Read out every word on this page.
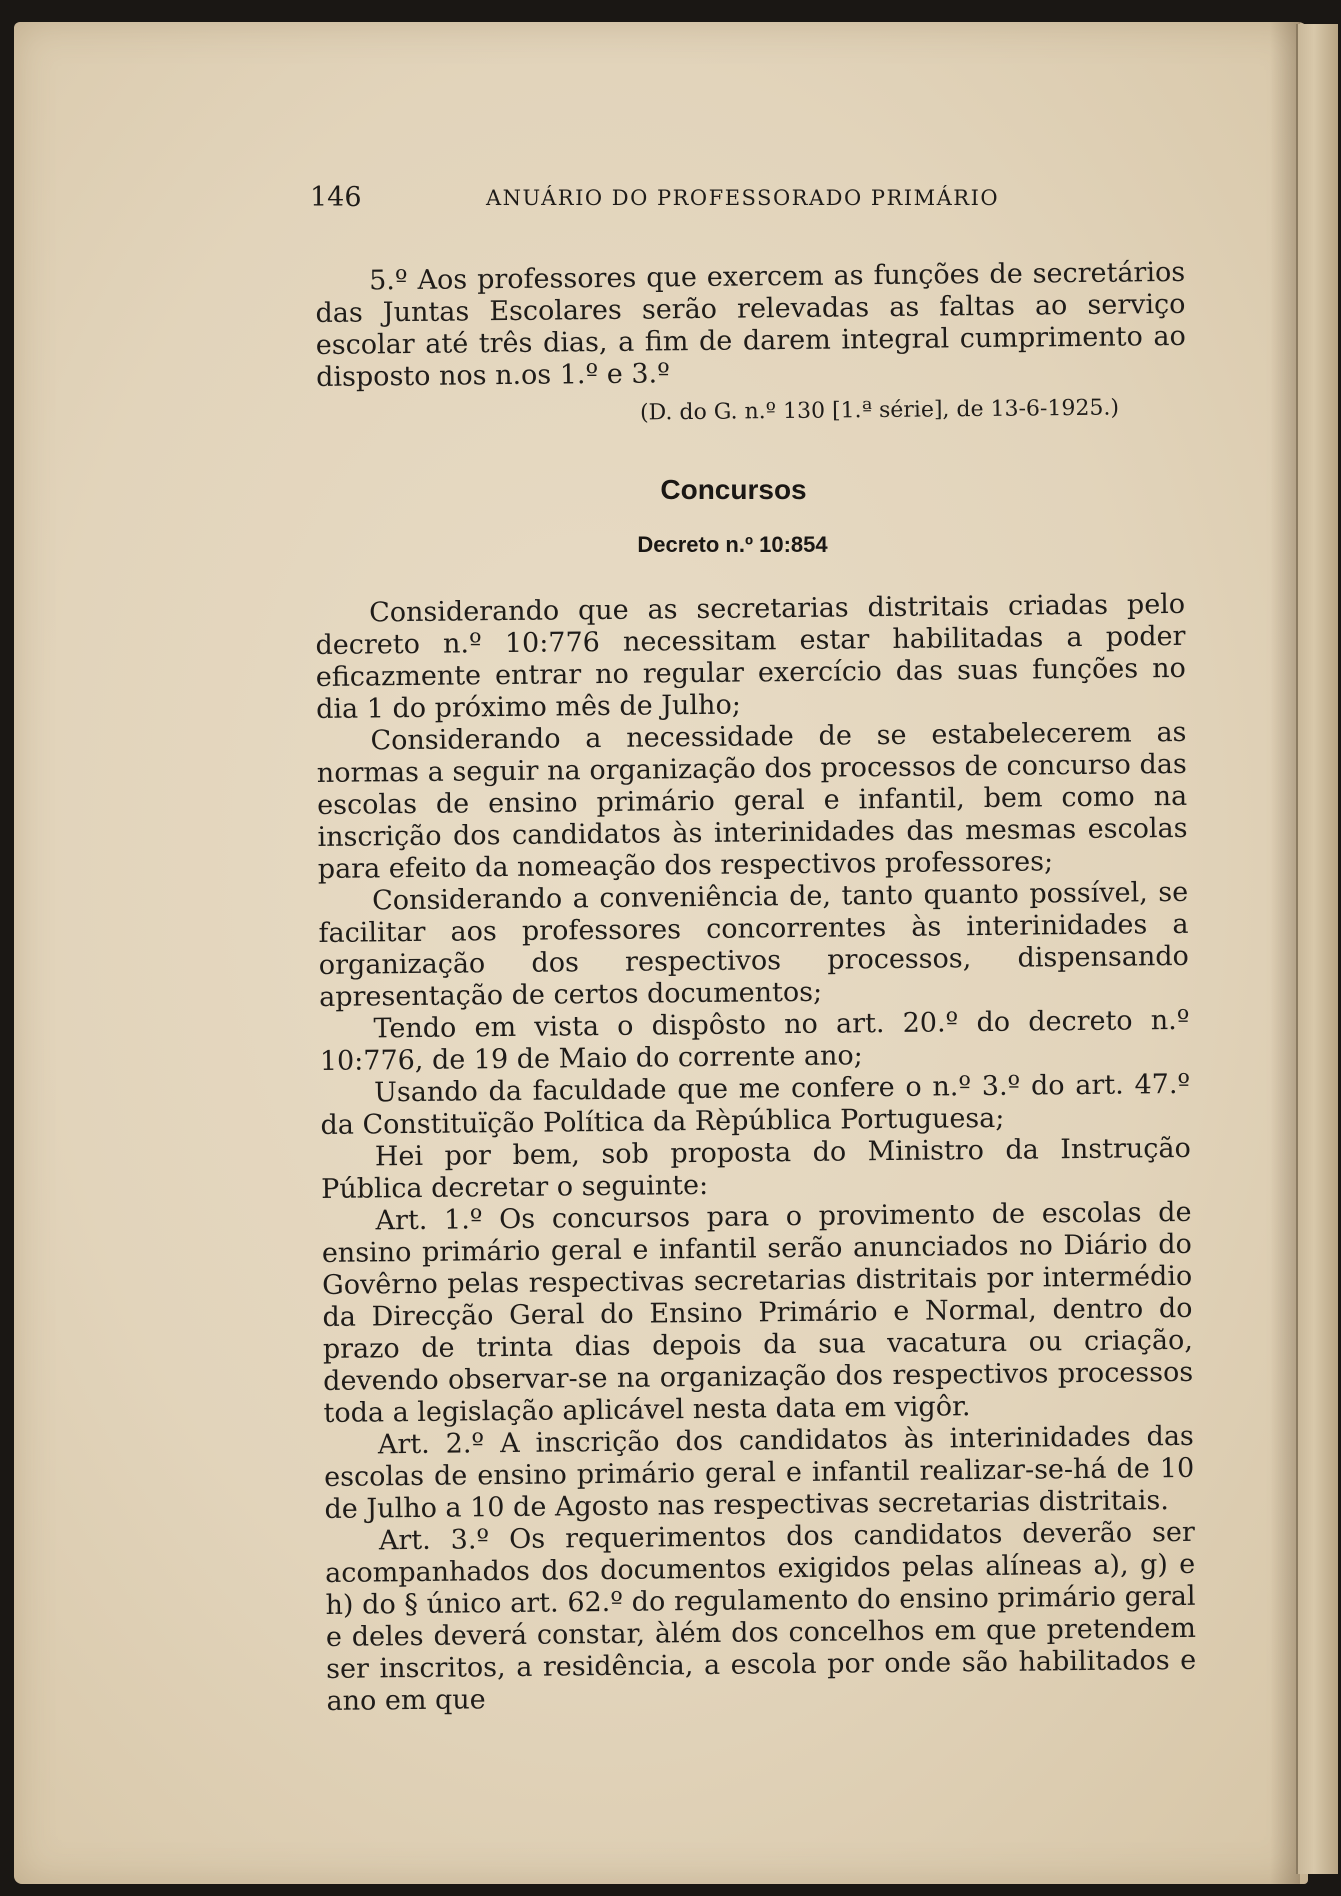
146	ANUÁRIO DO PROFESSORADO PRIMÁRIO

5.º Aos professores que exercem as funções de secretários das Juntas Escolares serão relevadas as faltas ao serviço escolar até três dias, a fim de darem integral cumprimento ao disposto nos n.os 1.º e 3.º

(D. do G. n.º 130 [1.ª série], de 13-6-1925.)
Concursos
Decreto n.º 10:854

Considerando que as secretarias distritais criadas pelo decreto n.º 10:776 necessitam estar habilitadas a poder eficazmente entrar no regular exercício das suas funções no dia 1 do próximo mês de Julho;

Considerando a necessidade de se estabelecerem as normas a seguir na organização dos processos de concurso das escolas de ensino primário geral e infantil, bem como na inscrição dos candidatos às interinidades das mesmas escolas para efeito da nomeação dos respectivos professores;

Considerando a conveniência de, tanto quanto possível, se facilitar aos professores concorrentes às interinidades a organização dos respectivos processos, dispensando apresentação de certos documentos;

Tendo em vista o dispôsto no art. 20.º do decreto n.º 10:776, de 19 de Maio do corrente ano;

Usando da faculdade que me confere o n.º 3.º do art. 47.º da Constituïção Política da Rèpública Portuguesa;

Hei por bem, sob proposta do Ministro da Instrução Pública decretar o seguinte:

Art. 1.º Os concursos para o provimento de escolas de ensino primário geral e infantil serão anunciados no Diário do Govêrno pelas respectivas secretarias distritais por intermédio da Direcção Geral do Ensino Primário e Normal, dentro do prazo de trinta dias depois da sua vacatura ou criação, devendo observar-se na organização dos respectivos processos toda a legislação aplicável nesta data em vigôr.

Art. 2.º A inscrição dos candidatos às interinidades das escolas de ensino primário geral e infantil realizar-se-há de 10 de Julho a 10 de Agosto nas respectivas secretarias distritais.

Art. 3.º Os requerimentos dos candidatos deverão ser acompanhados dos documentos exigidos pelas alíneas a), g) e h) do § único art. 62.º do regulamento do ensino primário geral e deles deverá constar, àlém dos concelhos em que pretendem ser inscritos, a residência, a escola por onde são habilitados e ano em que
